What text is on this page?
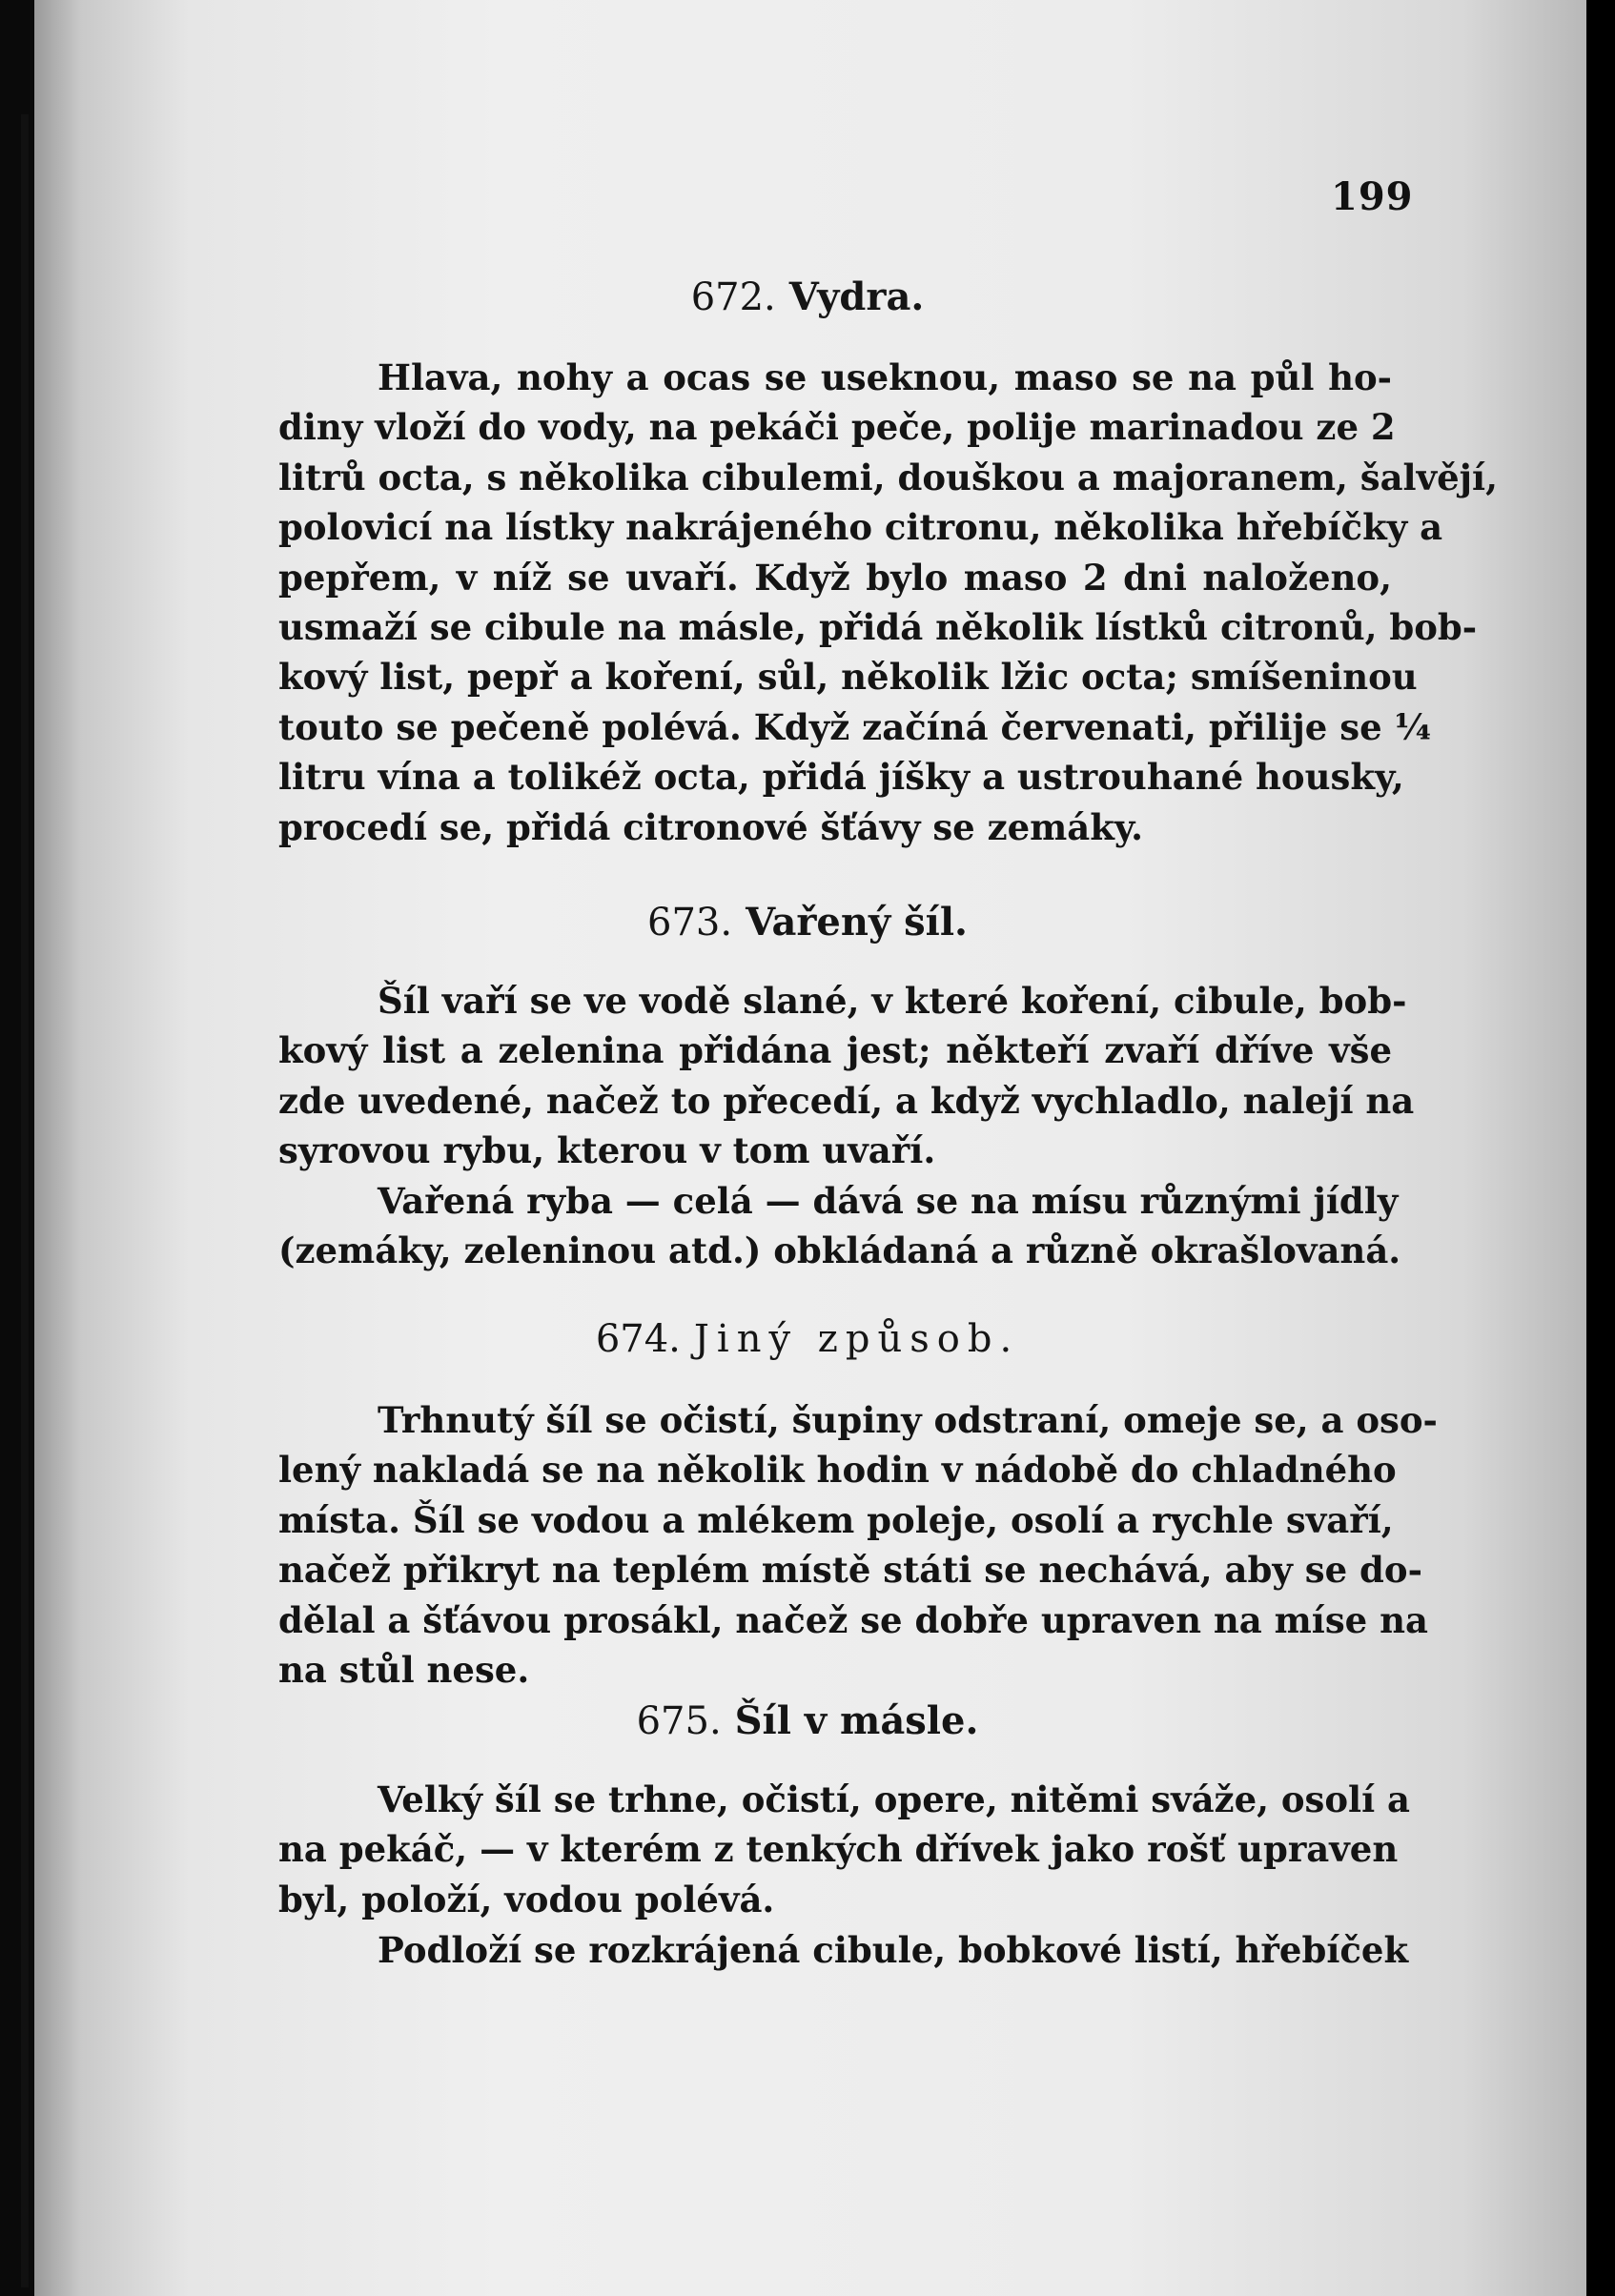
199
672. Vydra.
Hlava, nohy a ocas se useknou, maso se na půl ho-
diny vloží do vody, na pekáči peče, polije marinadou ze 2
litrů octa, s několika cibulemi, douškou a majoranem, šalvějí,
polovicí na lístky nakrájeného citronu, několika hřebíčky a
pepřem, v níž se uvaří. Když bylo maso 2 dni naloženo,
usmaží se cibule na másle, přidá několik lístků citronů, bob-
kový list, pepř a koření, sůl, několik lžic octa; smíšeninou
touto se pečeně polévá. Když začíná červenati, přilije se ¼
litru vína a tolikéž octa, přidá jíšky a ustrouhané housky,
procedí se, přidá citronové šťávy se zemáky.
673. Vařený šíl.
Šíl vaří se ve vodě slané, v které koření, cibule, bob-
kový list a zelenina přidána jest; někteří zvaří dříve vše
zde uvedené, načež to přecedí, a když vychladlo, nalejí na
syrovou rybu, kterou v tom uvaří.
Vařená ryba — celá — dává se na mísu různými jídly
(zemáky, zeleninou atd.) obkládaná a různě okrašlovaná.
674. Jiný způsob.
Trhnutý šíl se očistí, šupiny odstraní, omeje se, a oso-
lený nakladá se na několik hodin v nádobě do chladného
místa. Šíl se vodou a mlékem poleje, osolí a rychle svaří,
načež přikryt na teplém místě státi se nechává, aby se do-
dělal a šťávou prosákl, načež se dobře upraven na míse na
na stůl nese.
675. Šíl v másle.
Velký šíl se trhne, očistí, opere, nitěmi sváže, osolí a
na pekáč, — v kterém z tenkých dřívek jako rošť upraven
byl, položí, vodou polévá.
Podloží se rozkrájená cibule, bobkové listí, hřebíček
